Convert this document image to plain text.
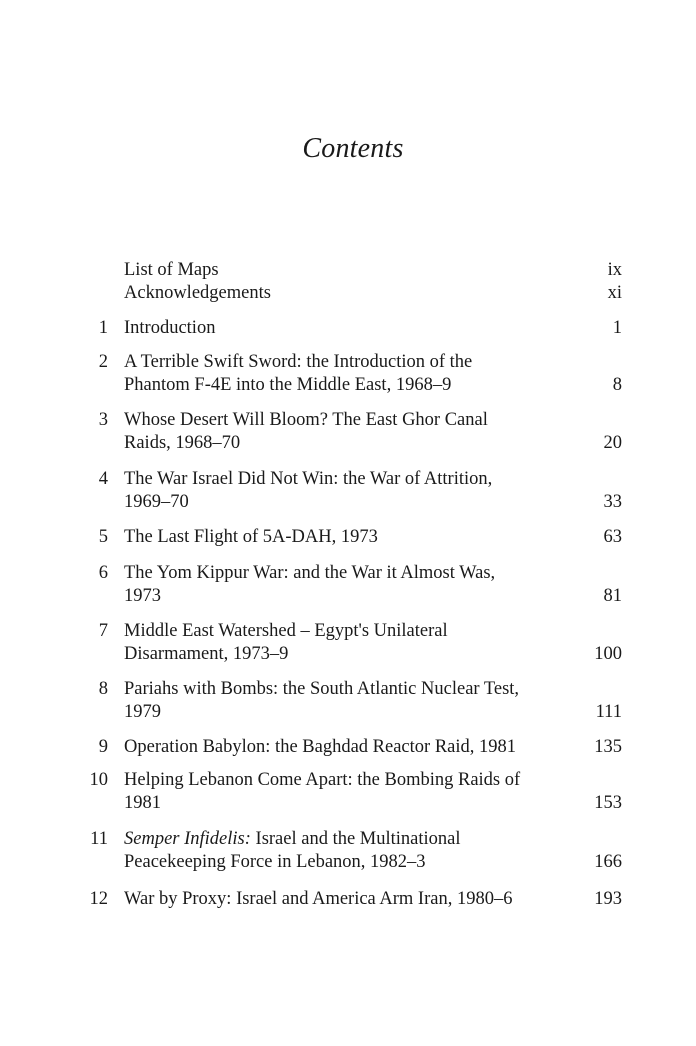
Contents
List of Maps	ix
Acknowledgements	xi
1 Introduction	1
2 A Terrible Swift Sword: the Introduction of the
Phantom F-4E into the Middle East, 1968–9	8
3 Whose Desert Will Bloom? The East Ghor Canal
Raids, 1968–70	20
4 The War Israel Did Not Win: the War of Attrition,
1969–70	33
5 The Last Flight of 5A-DAH, 1973	63
6 The Yom Kippur War: and the War it Almost Was,
1973	81
7 Middle East Watershed – Egypt's Unilateral
Disarmament, 1973–9	100
8 Pariahs with Bombs: the South Atlantic Nuclear Test,
1979	111
9 Operation Babylon: the Baghdad Reactor Raid, 1981	135
10 Helping Lebanon Come Apart: the Bombing Raids of
1981	153
11 Semper Infidelis: Israel and the Multinational
Peacekeeping Force in Lebanon, 1982–3	166
12 War by Proxy: Israel and America Arm Iran, 1980–6	193
